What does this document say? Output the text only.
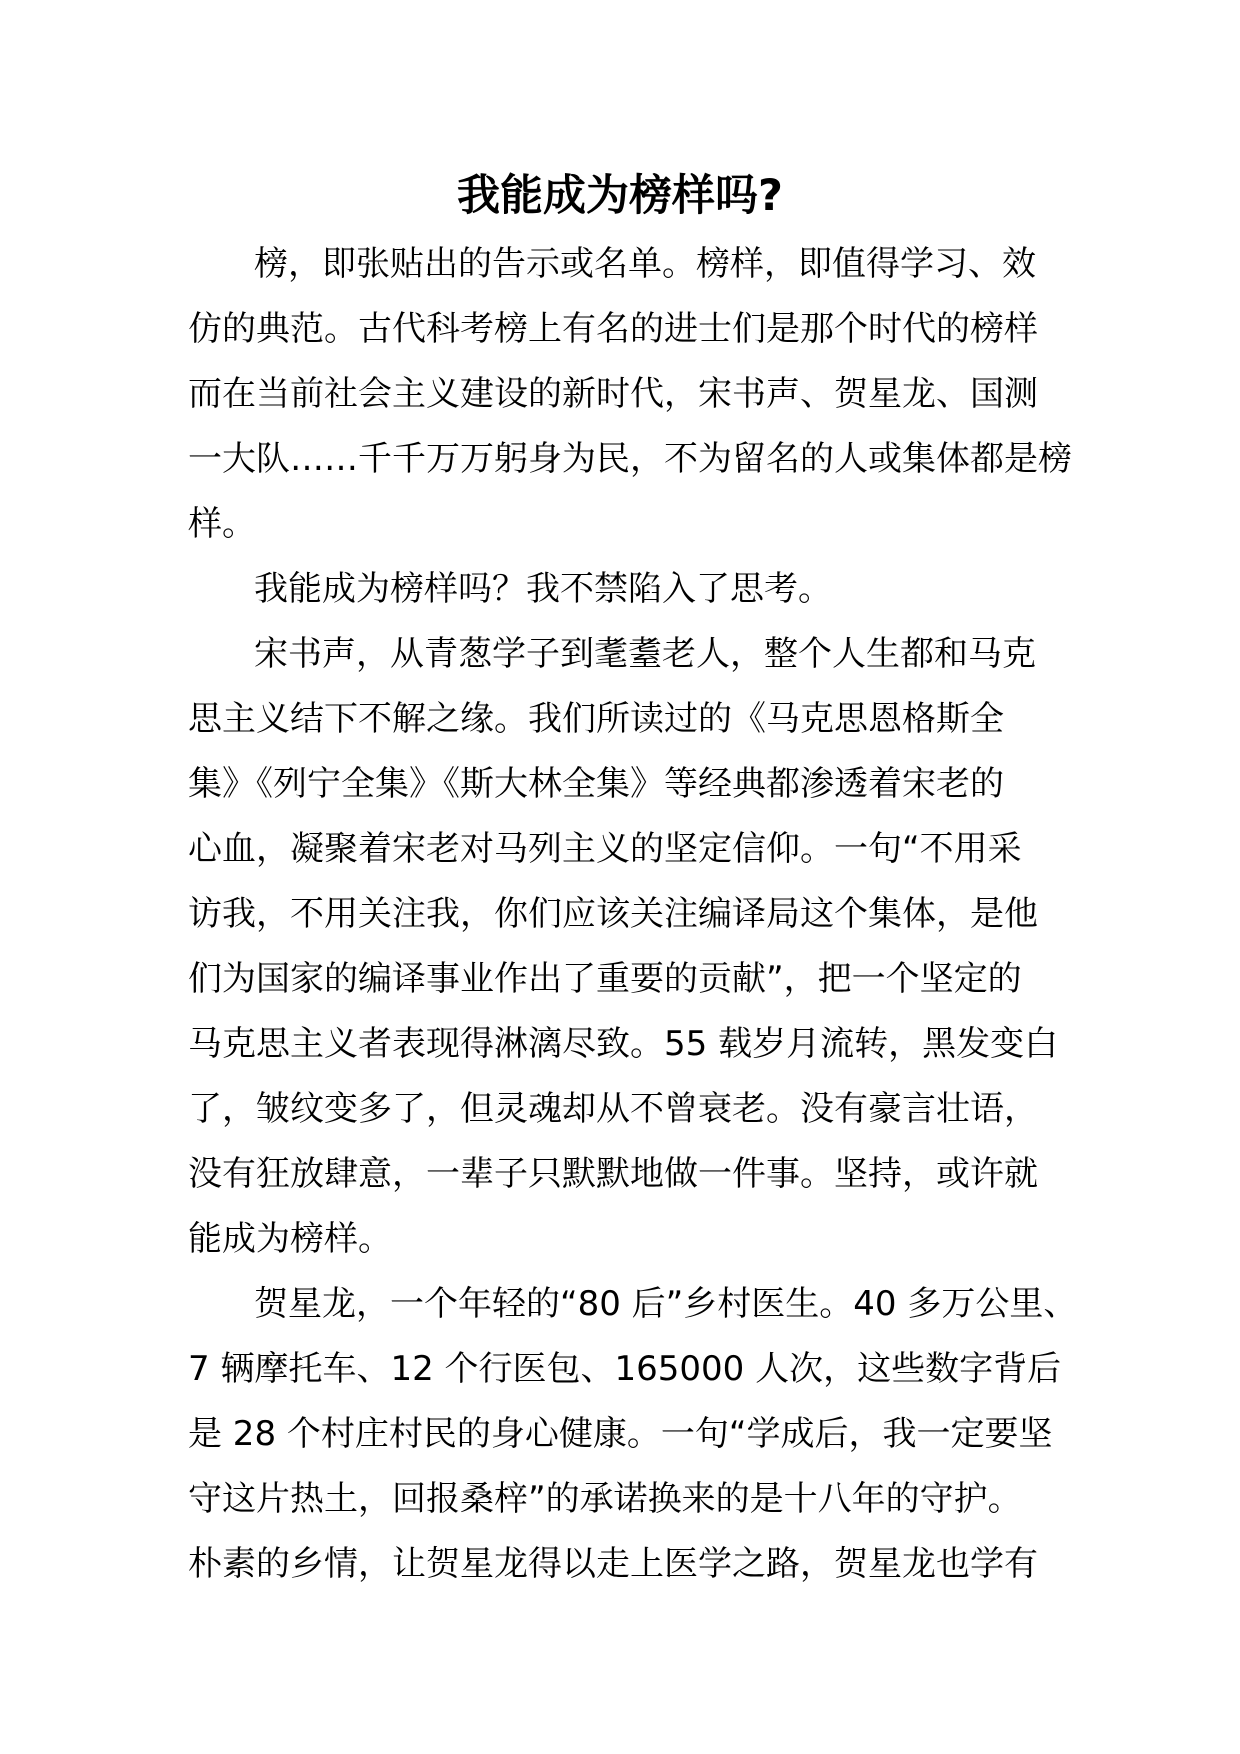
我能成为榜样吗?

榜，即张贴出的告示或名单。榜样，即值得学习、效

仿的典范。古代科考榜上有名的进士们是那个时代的榜样

而在当前社会主义建设的新时代，宋书声、贺星龙、国测

一大队……千千万万躬身为民，不为留名的人或集体都是榜

样。

我能成为榜样吗？我不禁陷入了思考。

宋书声，从青葱学子到耄耋老人，整个人生都和马克

思主义结下不解之缘。我们所读过的《马克思恩格斯全

集》《列宁全集》《斯大林全集》等经典都渗透着宋老的

心血，凝聚着宋老对马列主义的坚定信仰。一句“不用采

访我，不用关注我，你们应该关注编译局这个集体，是他

们为国家的编译事业作出了重要的贡献”，把一个坚定的

马克思主义者表现得淋漓尽致。55 载岁月流转，黑发变白

了，皱纹变多了，但灵魂却从不曾衰老。没有豪言壮语，

没有狂放肆意，一辈子只默默地做一件事。坚持，或许就

能成为榜样。

贺星龙，一个年轻的“80 后”乡村医生。40 多万公里、

7 辆摩托车、12 个行医包、165000 人次，这些数字背后

是 28 个村庄村民的身心健康。一句“学成后，我一定要坚

守这片热土，回报桑梓”的承诺换来的是十八年的守护。

朴素的乡情，让贺星龙得以走上医学之路，贺星龙也学有
